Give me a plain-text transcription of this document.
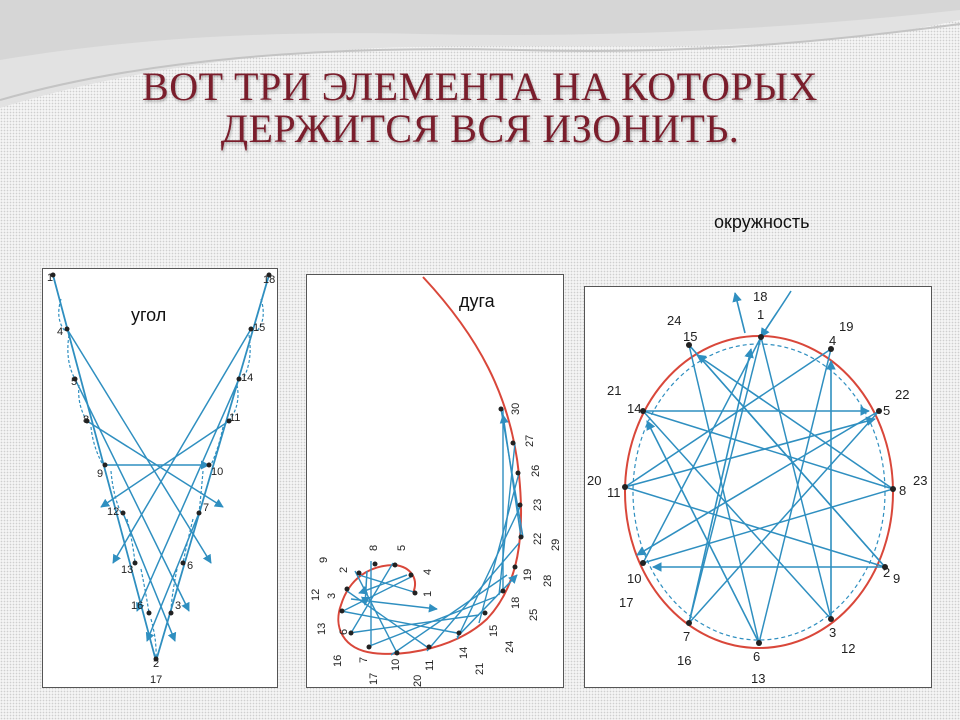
ВОТ ТРИ ЭЛЕМЕНТА НА КОТОРЫХ
ДЕРЖИТСЯ ВСЯ ИЗОНИТЬ.
окружность
1	18
4	15
5	14
8	11
9	10
12	7
13	6
16	3
2
17
угол
30
27
26
23
22 29
19 28
18
25
15
24
14
21
11
20
10
17
7
16
6
13
3
12
9
2
8 5
4
1
дуга	18
1
24
15
19
4
21
14	5
22
20
11	8
23
10
17
2 9
7
16	6
13
3
12
